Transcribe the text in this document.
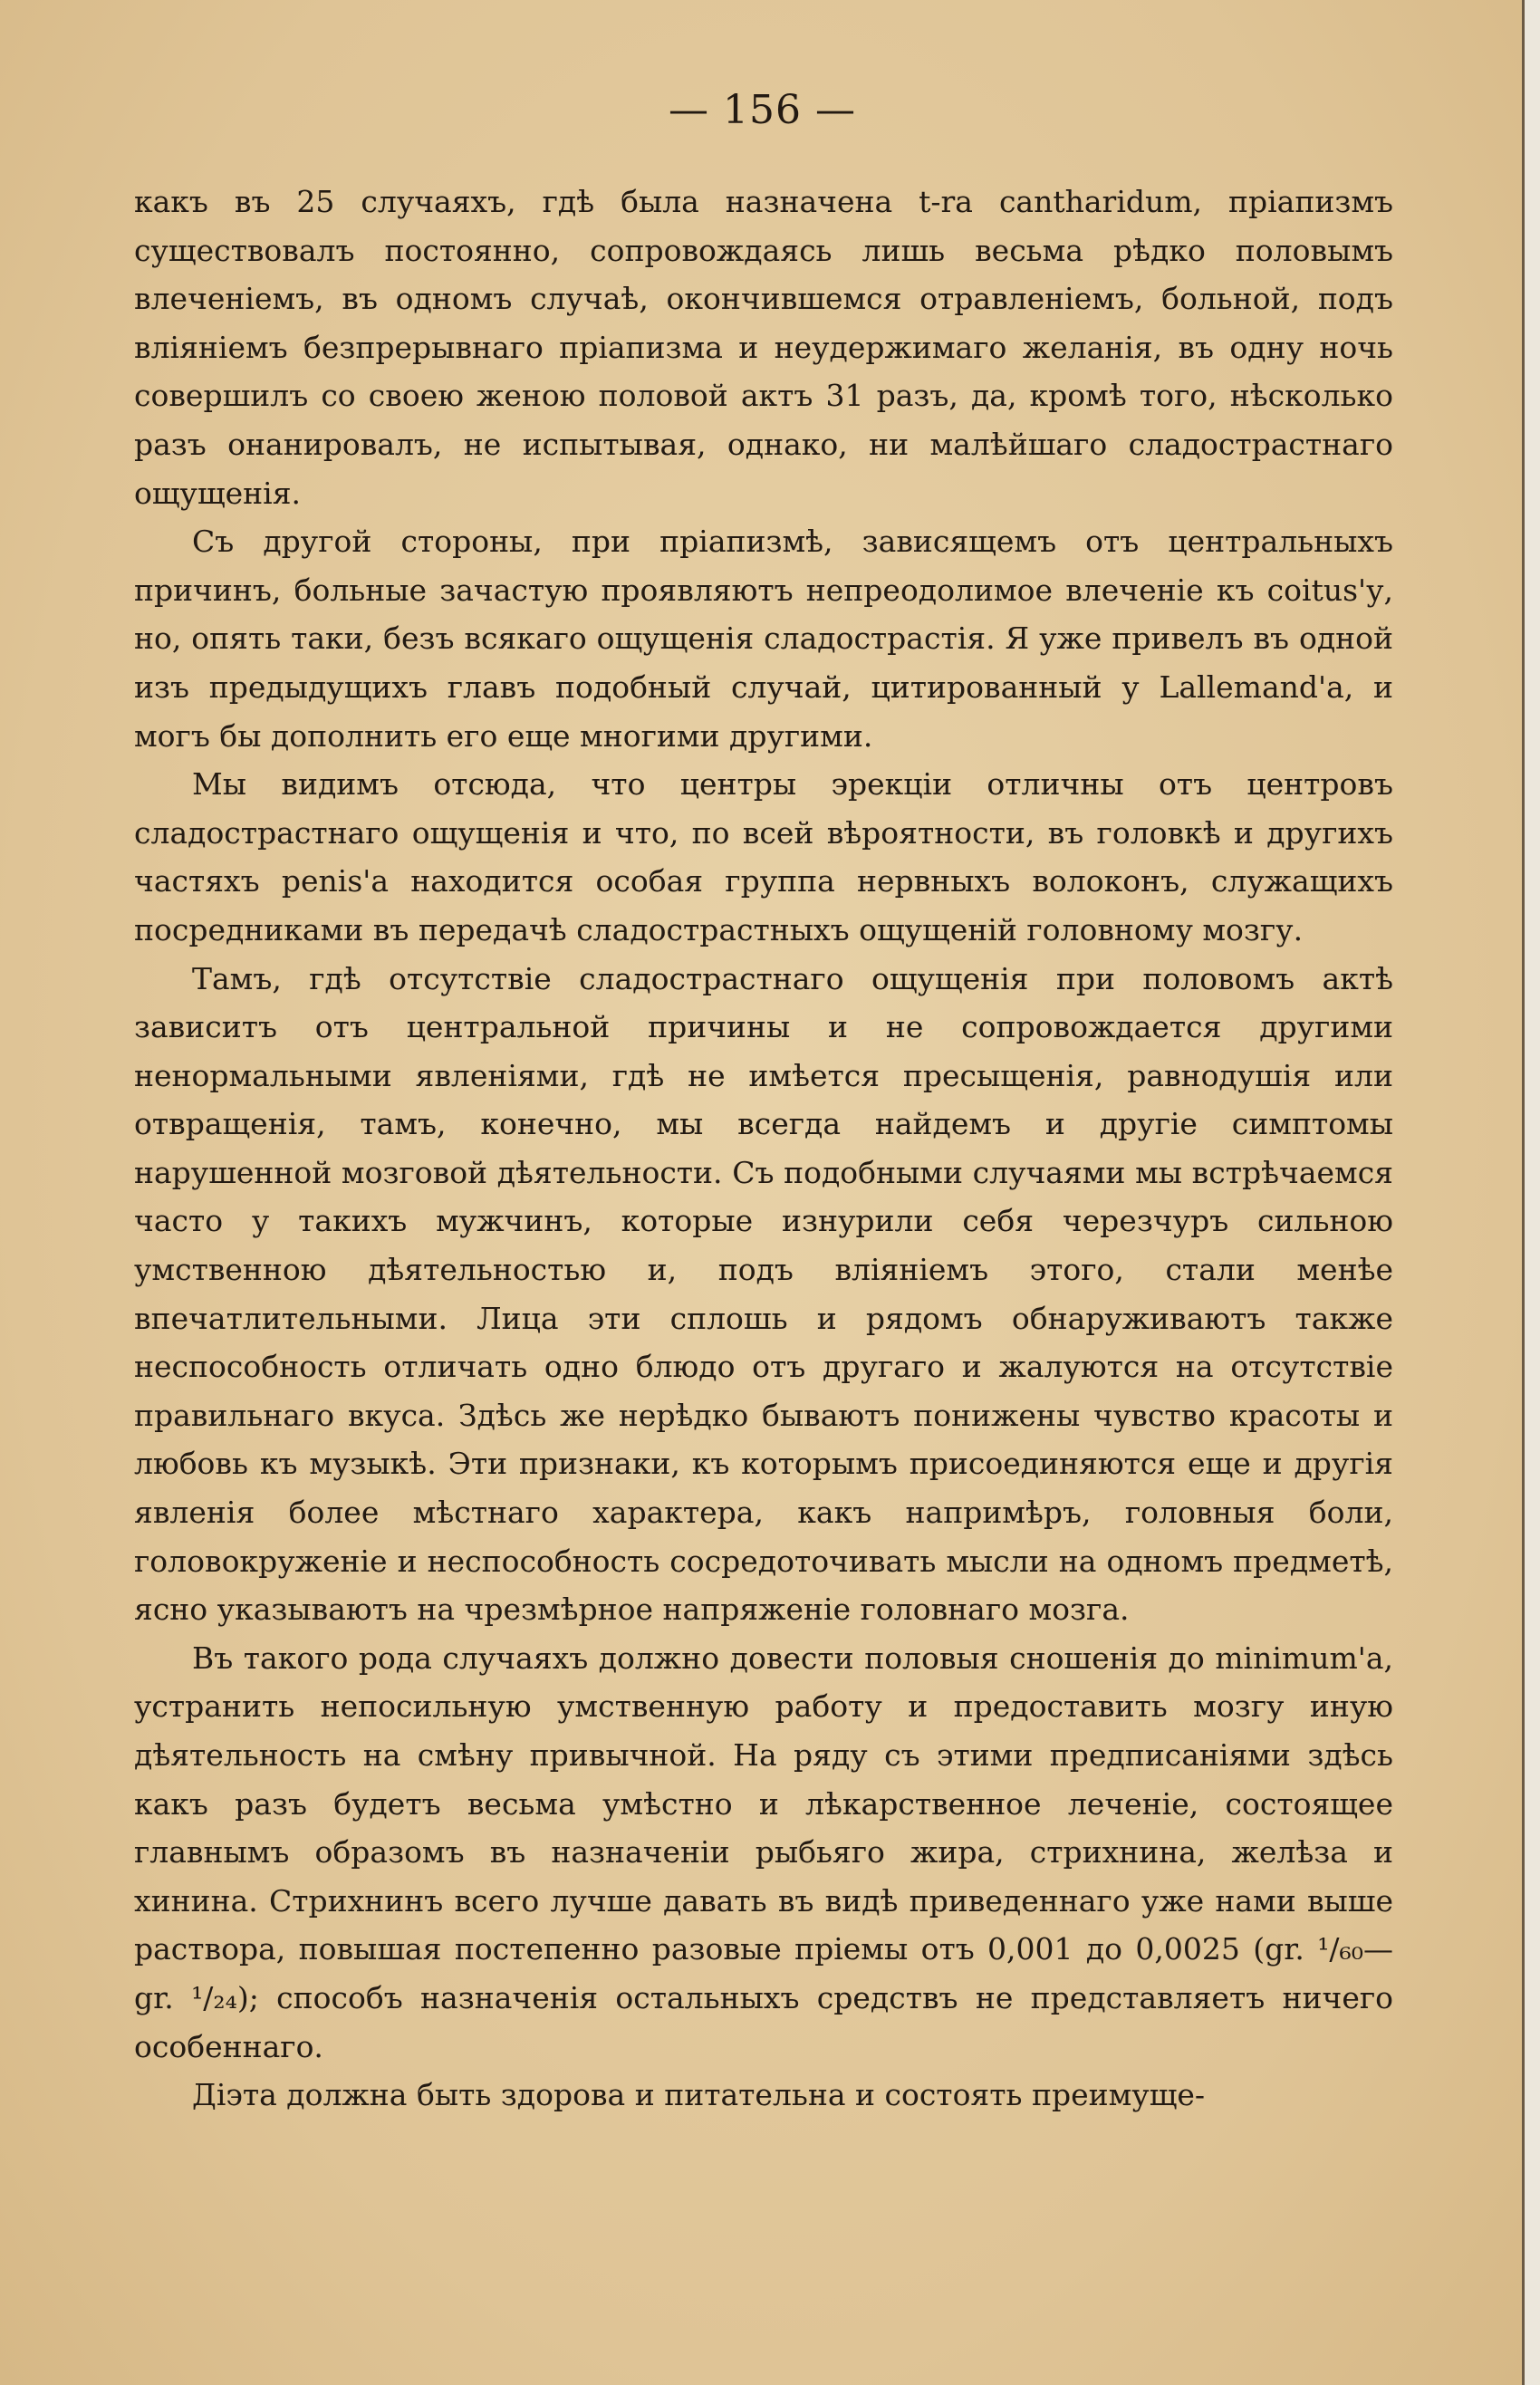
— 156 —

какъ въ 25 случаяхъ, гдѣ была назначена t-ra cantharidum, пріапизмъ существовалъ постоянно, сопровождаясь лишь весьма рѣдко половымъ влеченіемъ, въ одномъ случаѣ, окончившемся отравленіемъ, больной, подъ вліяніемъ безпрерывнаго пріапизма и неудержимаго желанія, въ одну ночь совершилъ со своею женою половой актъ 31 разъ, да, кромѣ того, нѣсколько разъ онанировалъ, не испытывая, однако, ни малѣйшаго сладострастнаго ощущенія.

Съ другой стороны, при пріапизмѣ, зависящемъ отъ центральныхъ причинъ, больные зачастую проявляютъ непреодолимое влеченіе къ coitus'у, но, опять таки, безъ всякаго ощущенія сладострастія. Я уже привелъ въ одной изъ предыдущихъ главъ подобный случай, цитированный у Lallemand'а, и могъ бы дополнить его еще многими другими.

Мы видимъ отсюда, что центры эрекціи отличны отъ центровъ сладострастнаго ощущенія и что, по всей вѣроятности, въ головкѣ и другихъ частяхъ penis'а находится особая группа нервныхъ волоконъ, служащихъ посредниками въ передачѣ сладострастныхъ ощущеній головному мозгу.

Тамъ, гдѣ отсутствіе сладострастнаго ощущенія при половомъ актѣ зависитъ отъ центральной причины и не сопровождается другими ненормальными явленіями, гдѣ не имѣется пресыщенія, равнодушія или отвращенія, тамъ, конечно, мы всегда найдемъ и другіе симптомы нарушенной мозговой дѣятельности. Съ подобными случаями мы встрѣчаемся часто у такихъ мужчинъ, которые изнурили себя черезчуръ сильною умственною дѣятельностью и, подъ вліяніемъ этого, стали менѣе впечатлительными. Лица эти сплошь и рядомъ обнаруживаютъ также неспособность отличать одно блюдо отъ другаго и жалуются на отсутствіе правильнаго вкуса. Здѣсь же нерѣдко бываютъ понижены чувство красоты и любовь къ музыкѣ. Эти признаки, къ которымъ присоединяются еще и другія явленія более мѣстнаго характера, какъ напримѣръ, головныя боли, головокруженіе и неспособность сосредоточивать мысли на одномъ предметѣ, ясно указываютъ на чрезмѣрное напряженіе головнаго мозга.

Въ такого рода случаяхъ должно довести половыя сношенія до minimum'а, устранить непосильную умственную работу и предоставить мозгу иную дѣятельность на смѣну привычной. На ряду съ этими предписаніями здѣсь какъ разъ будетъ весьма умѣстно и лѣкарственное леченіе, состоящее главнымъ образомъ въ назначеніи рыбьяго жира, стрихнина, желѣза и хинина. Стрихнинъ всего лучше давать въ видѣ приведеннаго уже нами выше раствора, повышая постепенно разовые пріемы отъ 0,001 до 0,0025 (gr. ¹/₆₀—gr. ¹/₂₄); способъ назначенія остальныхъ средствъ не представляетъ ничего особеннаго.

Діэта должна быть здорова и питательна и состоять преимуще-
